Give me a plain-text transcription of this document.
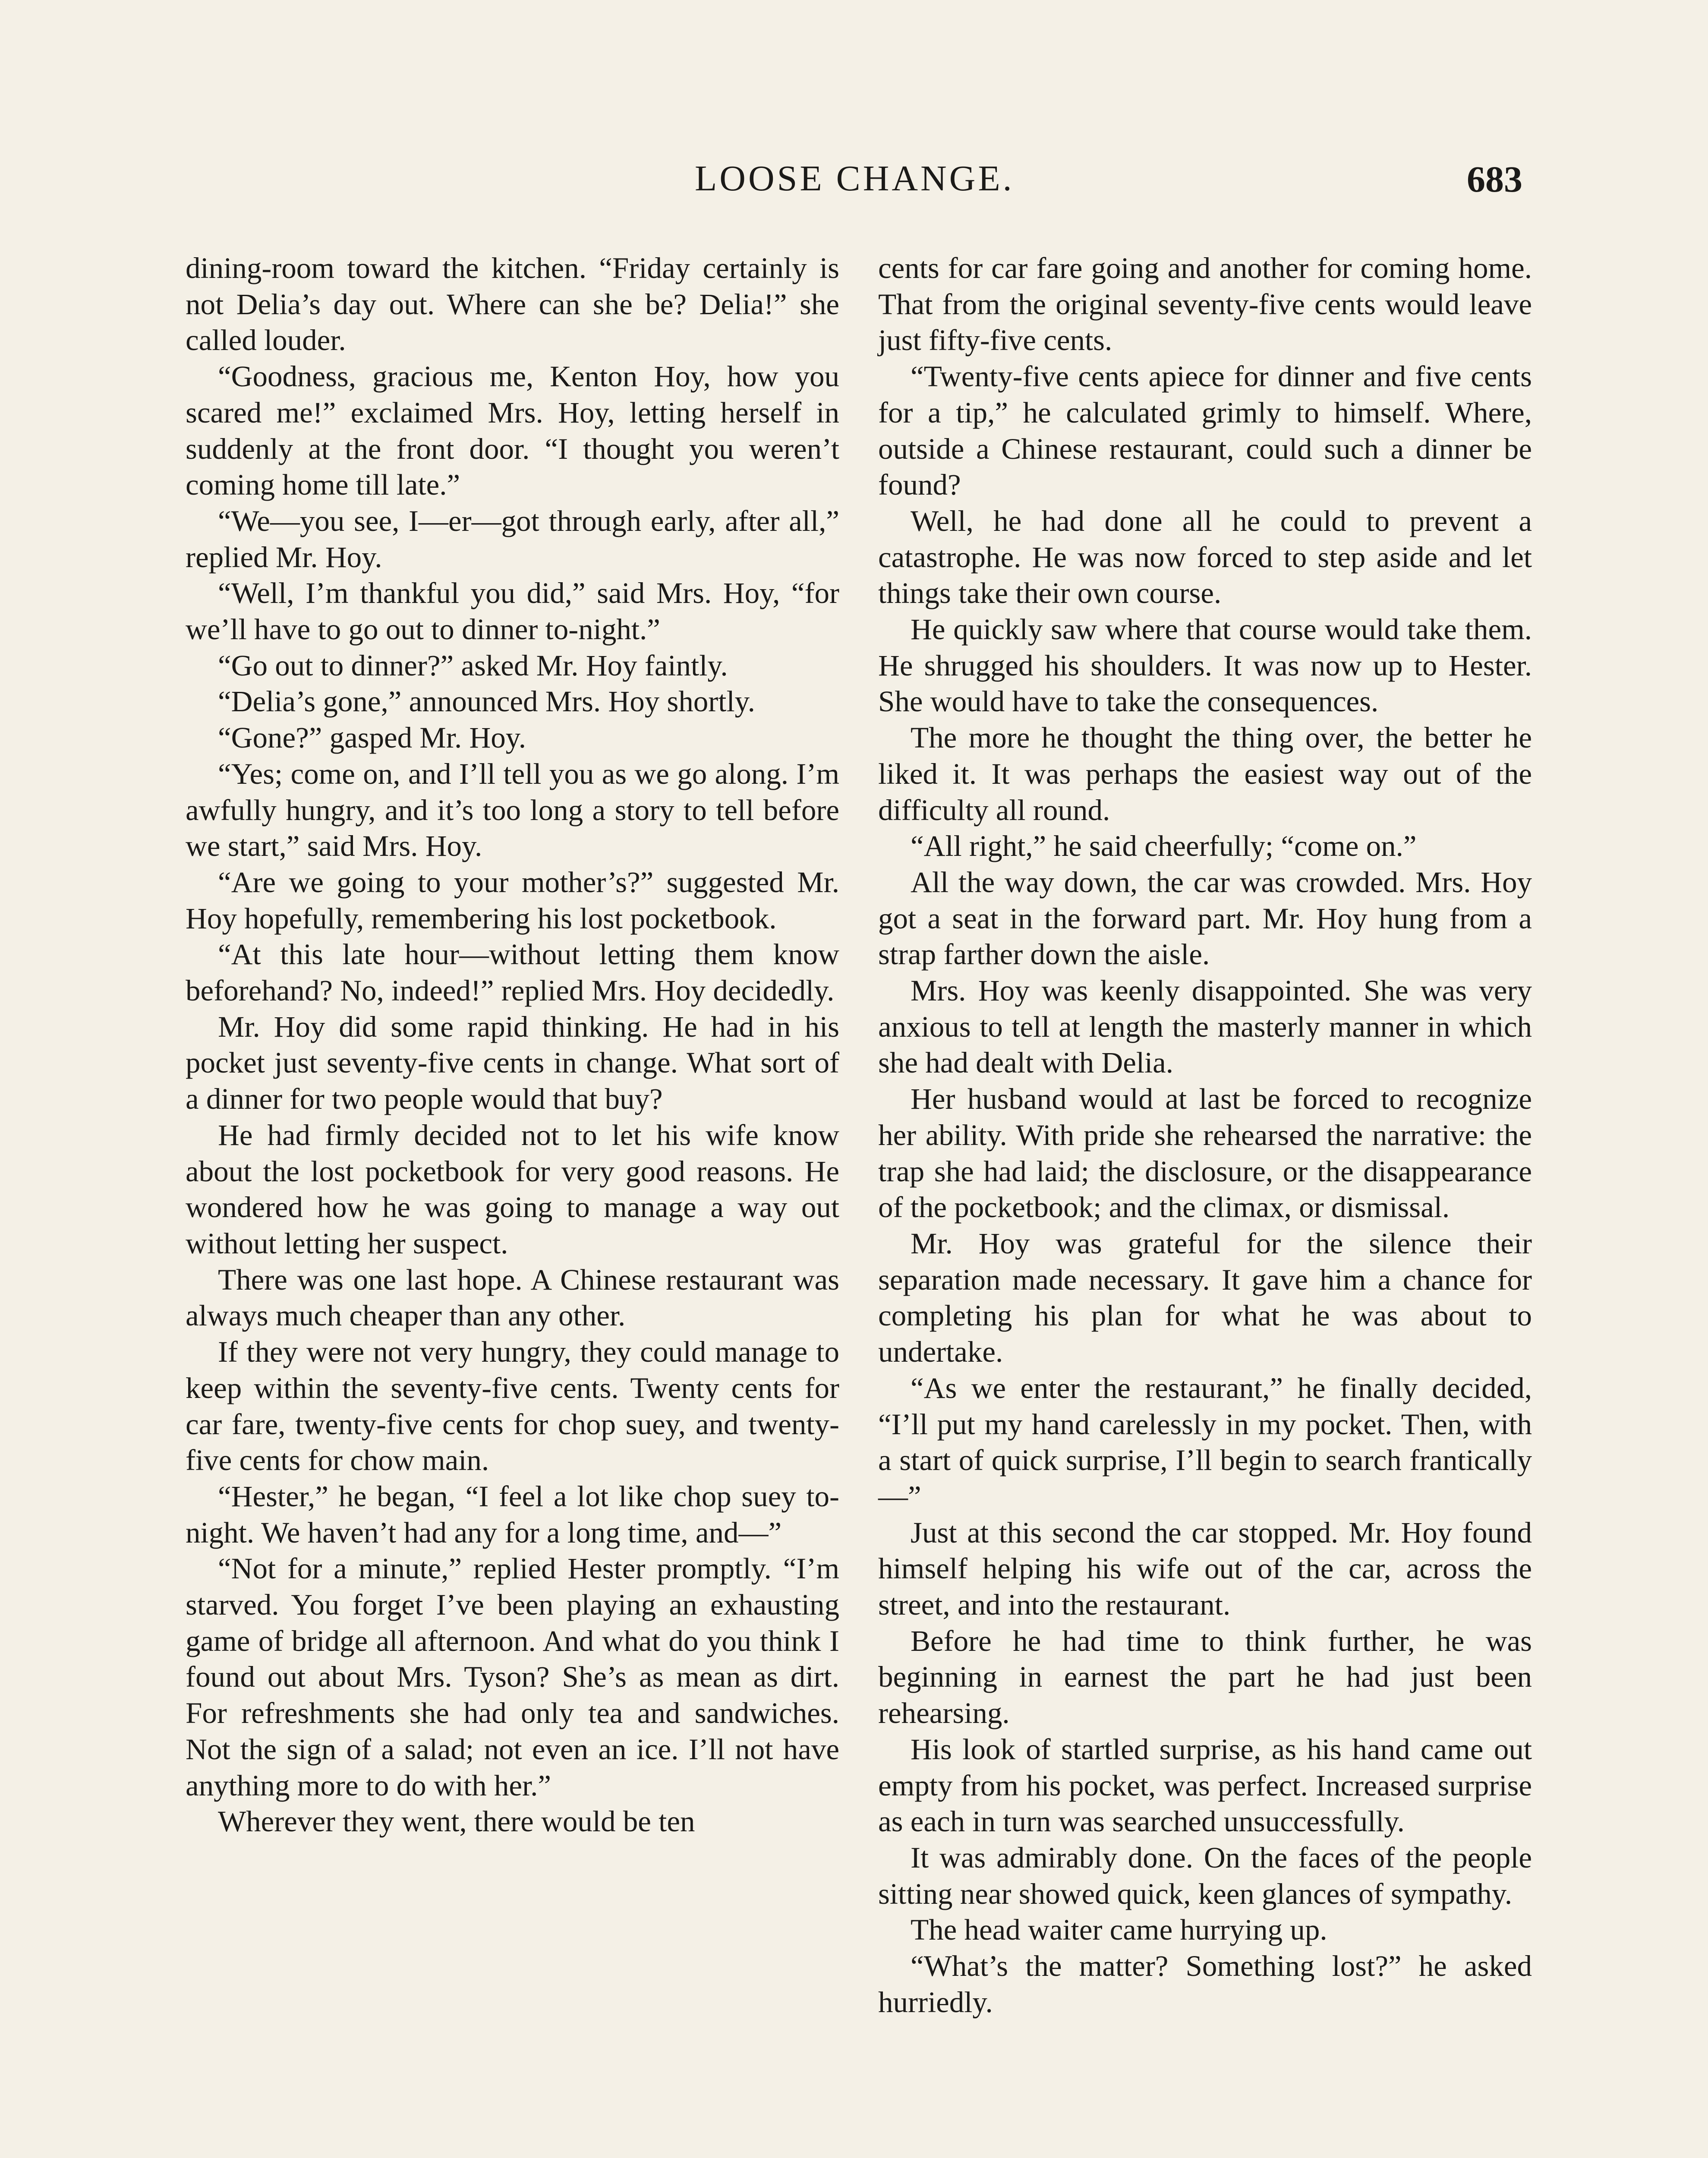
LOOSE CHANGE.	683

dining-room toward the kitchen. “Friday certainly is not Delia’s day out. Where can she be? Delia!” she called louder.

“Goodness, gracious me, Kenton Hoy, how you scared me!” exclaimed Mrs. Hoy, letting herself in suddenly at the front door. “I thought you weren’t coming home till late.”

“We—you see, I—er—got through early, after all,” replied Mr. Hoy.

“Well, I’m thankful you did,” said Mrs. Hoy, “for we’ll have to go out to dinner to-night.”

“Go out to dinner?” asked Mr. Hoy faintly.

“Delia’s gone,” announced Mrs. Hoy shortly.

“Gone?” gasped Mr. Hoy.

“Yes; come on, and I’ll tell you as we go along. I’m awfully hungry, and it’s too long a story to tell before we start,” said Mrs. Hoy.

“Are we going to your mother’s?” suggested Mr. Hoy hopefully, remembering his lost pocketbook.

“At this late hour—without letting them know beforehand? No, indeed!” replied Mrs. Hoy decidedly.

Mr. Hoy did some rapid thinking. He had in his pocket just seventy-five cents in change. What sort of a dinner for two people would that buy?

He had firmly decided not to let his wife know about the lost pocketbook for very good reasons. He wondered how he was going to manage a way out without letting her suspect.

There was one last hope. A Chinese restaurant was always much cheaper than any other.

If they were not very hungry, they could manage to keep within the seventy-five cents. Twenty cents for car fare, twenty-five cents for chop suey, and twenty-five cents for chow main.

“Hester,” he began, “I feel a lot like chop suey to-night. We haven’t had any for a long time, and—”

“Not for a minute,” replied Hester promptly. “I’m starved. You forget I’ve been playing an exhausting game of bridge all afternoon. And what do you think I found out about Mrs. Tyson? She’s as mean as dirt. For refreshments she had only tea and sandwiches. Not the sign of a salad; not even an ice. I’ll not have anything more to do with her.”

Wherever they went, there would be ten

cents for car fare going and another for coming home. That from the original seventy-five cents would leave just fifty-five cents.

“Twenty-five cents apiece for dinner and five cents for a tip,” he calculated grimly to himself. Where, outside a Chinese restaurant, could such a dinner be found?

Well, he had done all he could to prevent a catastrophe. He was now forced to step aside and let things take their own course.

He quickly saw where that course would take them. He shrugged his shoulders. It was now up to Hester. She would have to take the consequences.

The more he thought the thing over, the better he liked it. It was perhaps the easiest way out of the difficulty all round.

“All right,” he said cheerfully; “come on.”

All the way down, the car was crowded. Mrs. Hoy got a seat in the forward part. Mr. Hoy hung from a strap farther down the aisle.

Mrs. Hoy was keenly disappointed. She was very anxious to tell at length the masterly manner in which she had dealt with Delia.

Her husband would at last be forced to recognize her ability. With pride she rehearsed the narrative: the trap she had laid; the disclosure, or the disappearance of the pocketbook; and the climax, or dismissal.

Mr. Hoy was grateful for the silence their separation made necessary. It gave him a chance for completing his plan for what he was about to undertake.

“As we enter the restaurant,” he finally decided, “I’ll put my hand carelessly in my pocket. Then, with a start of quick surprise, I’ll begin to search frantically—”

Just at this second the car stopped. Mr. Hoy found himself helping his wife out of the car, across the street, and into the restaurant.

Before he had time to think further, he was beginning in earnest the part he had just been rehearsing.

His look of startled surprise, as his hand came out empty from his pocket, was perfect. Increased surprise as each in turn was searched unsuccessfully.

It was admirably done. On the faces of the people sitting near showed quick, keen glances of sympathy.

The head waiter came hurrying up.

“What’s the matter? Something lost?” he asked hurriedly.
